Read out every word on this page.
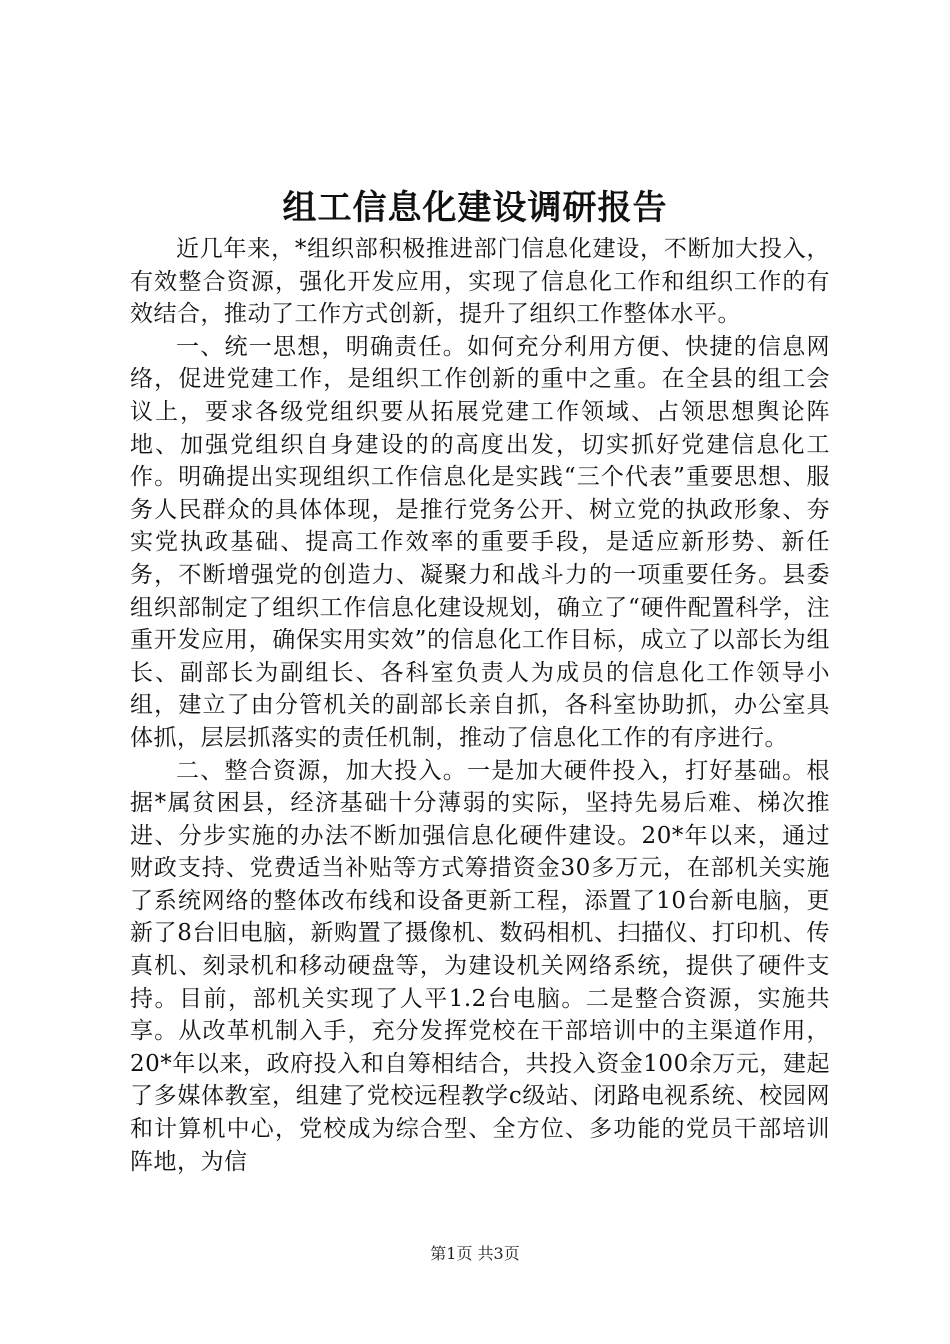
组工信息化建设调研报告

近几年来，*组织部积极推进部门信息化建设，不断加大投入，有效整合资源，强化开发应用，实现了信息化工作和组织工作的有效结合，推动了工作方式创新，提升了组织工作整体水平。

一、统一思想，明确责任。如何充分利用方便、快捷的信息网络，促进党建工作，是组织工作创新的重中之重。在全县的组工会议上，要求各级党组织要从拓展党建工作领域、占领思想舆论阵地、加强党组织自身建设的的高度出发，切实抓好党建信息化工作。明确提出实现组织工作信息化是实践“三个代表”重要思想、服务人民群众的具体体现，是推行党务公开、树立党的执政形象、夯实党执政基础、提高工作效率的重要手段，是适应新形势、新任务，不断增强党的创造力、凝聚力和战斗力的一项重要任务。县委组织部制定了组织工作信息化建设规划，确立了“硬件配置科学，注重开发应用，确保实用实效”的信息化工作目标，成立了以部长为组长、副部长为副组长、各科室负责人为成员的信息化工作领导小组，建立了由分管机关的副部长亲自抓，各科室协助抓，办公室具体抓，层层抓落实的责任机制，推动了信息化工作的有序进行。

二、整合资源，加大投入。一是加大硬件投入，打好基础。根据*属贫困县，经济基础十分薄弱的实际，坚持先易后难、梯次推进、分步实施的办法不断加强信息化硬件建设。20*年以来，通过财政支持、党费适当补贴等方式筹措资金30多万元，在部机关实施了系统网络的整体改布线和设备更新工程，添置了10台新电脑，更新了8台旧电脑，新购置了摄像机、数码相机、扫描仪、打印机、传真机、刻录机和移动硬盘等，为建设机关网络系统，提供了硬件支持。目前，部机关实现了人平1.2台电脑。二是整合资源，实施共享。从改革机制入手，充分发挥党校在干部培训中的主渠道作用，20*年以来，政府投入和自筹相结合，共投入资金100余万元，建起了多媒体教室，组建了党校远程教学c级站、闭路电视系统、校园网和计算机中心，党校成为综合型、全方位、多功能的党员干部培训阵地，为信

第1页 共3页
